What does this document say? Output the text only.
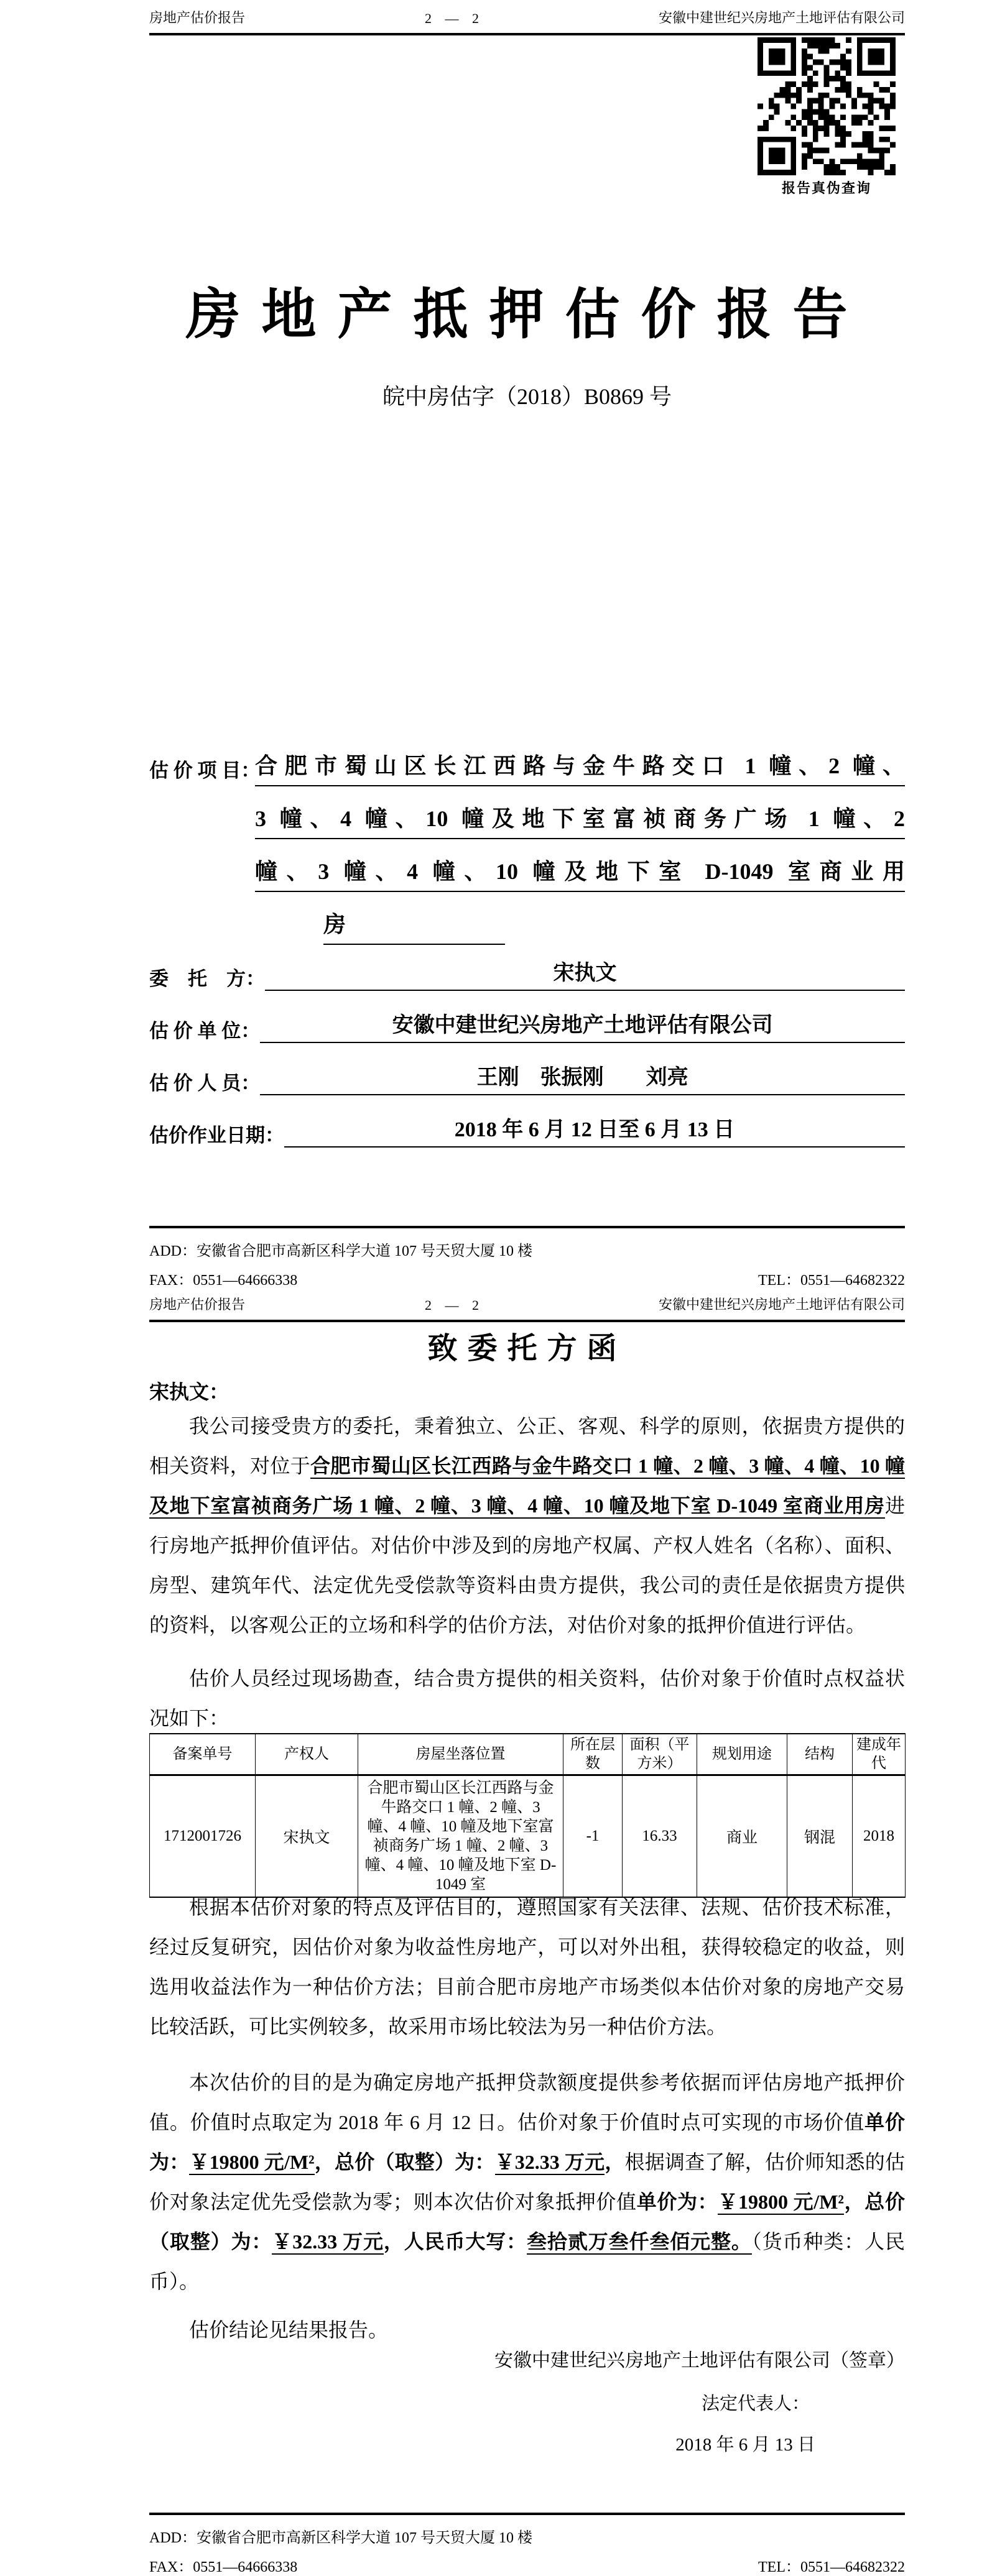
房地产估价报告	2 — 2	安徽中建世纪兴房地产土地评估有限公司
报告真伪查询
房地产抵押估价报告
皖中房估字（2018）B0869 号
估 价 项 目：
合肥市蜀山区长江西路与金牛路交口 1 幢、2 幢、
3 幢、4 幢、10 幢及地下室富祯商务广场 1 幢、2
幢、3 幢、4 幢、10 幢及地下室 D-1049 室商业用
房
委　托　方：	宋执文
估 价 单 位：	安徽中建世纪兴房地产土地评估有限公司
估 价 人 员：	王刚　张振刚　　刘亮
估价作业日期：	2018 年 6 月 12 日至 6 月 13 日
ADD：安徽省合肥市高新区科学大道 107 号天贸大厦 10 楼
FAX：0551—64666338	TEL：0551—64682322
房地产估价报告	2 — 2	安徽中建世纪兴房地产土地评估有限公司
致委托方函
宋执文：

我公司接受贵方的委托，秉着独立、公正、客观、科学的原则，依据贵方提供的相关资料，对位于合肥市蜀山区长江西路与金牛路交口 1 幢、2 幢、3 幢、4 幢、10 幢及地下室富祯商务广场 1 幢、2 幢、3 幢、4 幢、10 幢及地下室 D-1049 室商业用房进行房地产抵押价值评估。对估价中涉及到的房地产权属、产权人姓名（名称）、面积、房型、建筑年代、法定优先受偿款等资料由贵方提供，我公司的责任是依据贵方提供的资料，以客观公正的立场和科学的估价方法，对估价对象的抵押价值进行评估。

估价人员经过现场勘查，结合贵方提供的相关资料，估价对象于价值时点权益状况如下：

备案单号	产权人	房屋坐落位置	所在层数	面积（平方米）	规划用途	结构	建成年代
1712001726	宋执文	合肥市蜀山区长江西路与金牛路交口 1 幢、2 幢、3 幢、4 幢、10 幢及地下室富祯商务广场 1 幢、2 幢、3 幢、4 幢、10 幢及地下室 D-1049 室	-1	16.33	商业	钢混	2018

根据本估价对象的特点及评估目的，遵照国家有关法律、法规、估价技术标准，经过反复研究，因估价对象为收益性房地产，可以对外出租，获得较稳定的收益，则选用收益法作为一种估价方法；目前合肥市房地产市场类似本估价对象的房地产交易比较活跃，可比实例较多，故采用市场比较法为另一种估价方法。

本次估价的目的是为确定房地产抵押贷款额度提供参考依据而评估房地产抵押价值。价值时点取定为 2018 年 6 月 12 日。估价对象于价值时点可实现的市场价值单价为：￥19800 元/M²，总价（取整）为：￥32.33 万元，根据调查了解，估价师知悉的估价对象法定优先受偿款为零；则本次估价对象抵押价值单价为：￥19800 元/M²，总价（取整）为：￥32.33 万元，人民币大写：叁拾贰万叁仟叁佰元整。（货币种类：人民币）。

估价结论见结果报告。

安徽中建世纪兴房地产土地评估有限公司（签章）
法定代表人：
2018 年 6 月 13 日
ADD：安徽省合肥市高新区科学大道 107 号天贸大厦 10 楼
FAX：0551—64666338	TEL：0551—64682322
